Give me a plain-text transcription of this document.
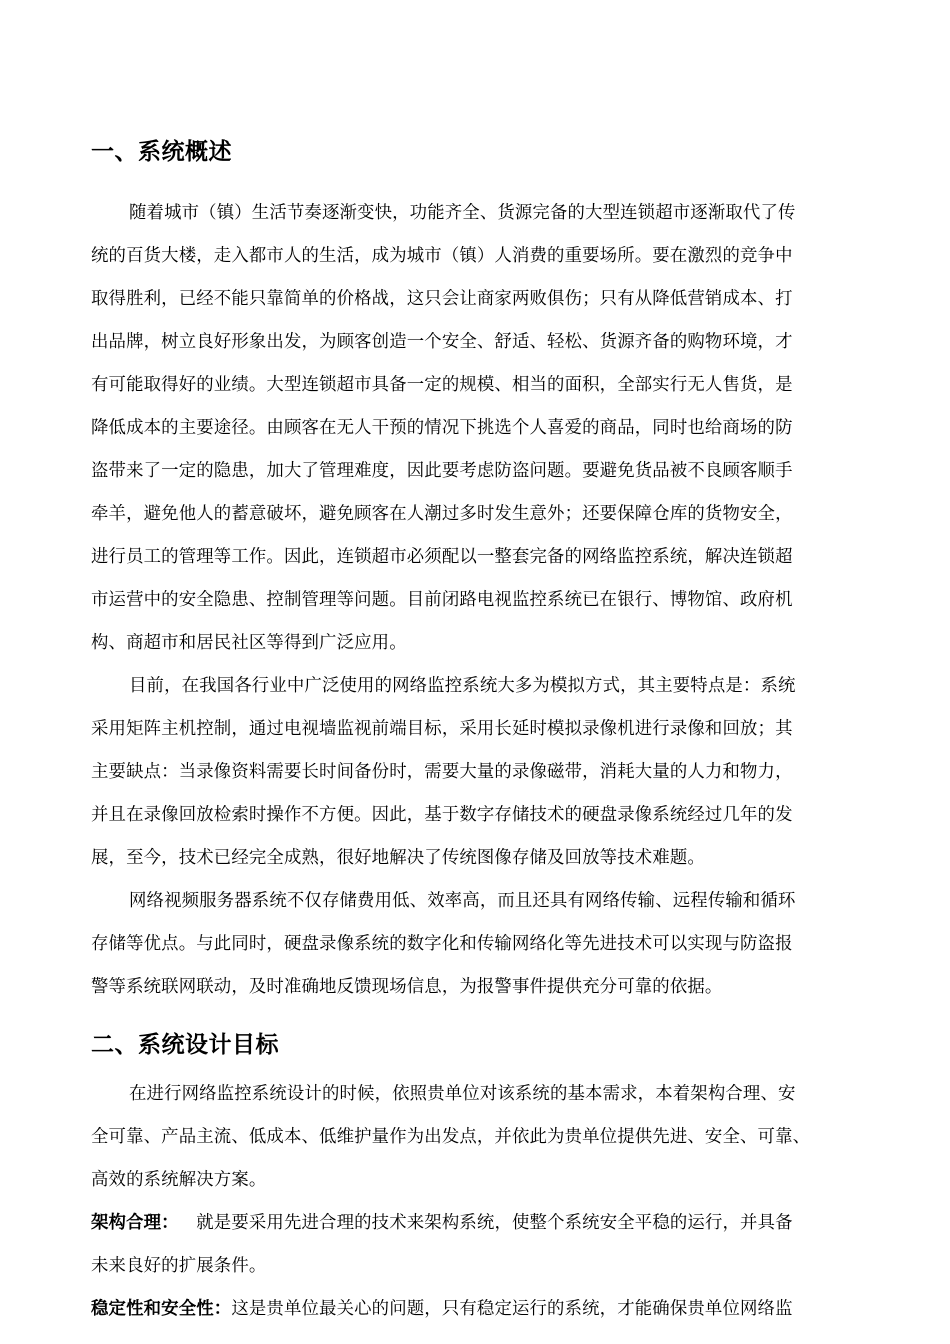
一、系统概述

随着城市（镇）生活节奏逐渐变快，功能齐全、货源完备的大型连锁超市逐渐取代了传

统的百货大楼，走入都市人的生活，成为城市（镇）人消费的重要场所。要在激烈的竞争中

取得胜利，已经不能只靠简单的价格战，这只会让商家两败俱伤；只有从降低营销成本、打

出品牌，树立良好形象出发，为顾客创造一个安全、舒适、轻松、货源齐备的购物环境，才

有可能取得好的业绩。大型连锁超市具备一定的规模、相当的面积，全部实行无人售货，是

降低成本的主要途径。由顾客在无人干预的情况下挑选个人喜爱的商品，同时也给商场的防

盗带来了一定的隐患，加大了管理难度，因此要考虑防盗问题。要避免货品被不良顾客顺手

牵羊，避免他人的蓄意破坏，避免顾客在人潮过多时发生意外；还要保障仓库的货物安全，

进行员工的管理等工作。因此，连锁超市必须配以一整套完备的网络监控系统，解决连锁超

市运营中的安全隐患、控制管理等问题。目前闭路电视监控系统已在银行、博物馆、政府机

构、商超市和居民社区等得到广泛应用。

目前，在我国各行业中广泛使用的网络监控系统大多为模拟方式，其主要特点是：系统

采用矩阵主机控制，通过电视墙监视前端目标，采用长延时模拟录像机进行录像和回放；其

主要缺点：当录像资料需要长时间备份时，需要大量的录像磁带，消耗大量的人力和物力，

并且在录像回放检索时操作不方便。因此，基于数字存储技术的硬盘录像系统经过几年的发

展，至今，技术已经完全成熟，很好地解决了传统图像存储及回放等技术难题。

网络视频服务器系统不仅存储费用低、效率高，而且还具有网络传输、远程传输和循环

存储等优点。与此同时，硬盘录像系统的数字化和传输网络化等先进技术可以实现与防盗报

警等系统联网联动，及时准确地反馈现场信息，为报警事件提供充分可靠的依据。

二、系统设计目标

在进行网络监控系统设计的时候，依照贵单位对该系统的基本需求，本着架构合理、安

全可靠、产品主流、低成本、低维护量作为出发点，并依此为贵单位提供先进、安全、可靠、

高效的系统解决方案。

架构合理：  就是要采用先进合理的技术来架构系统，使整个系统安全平稳的运行，并具备

未来良好的扩展条件。

稳定性和安全性：这是贵单位最关心的问题，只有稳定运行的系统，才能确保贵单位网络监
